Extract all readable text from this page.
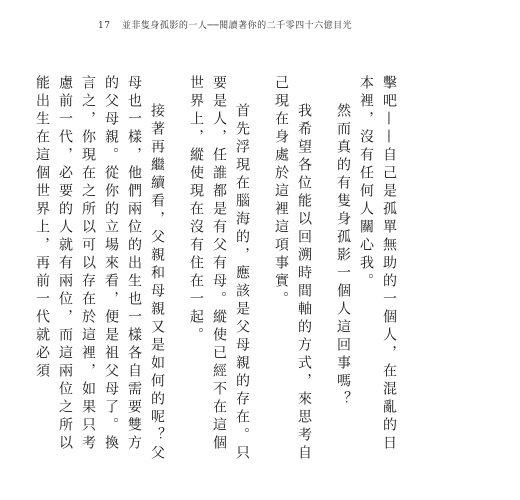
17 並非隻身孤影的一人──閱讀著你的二千零四十六億目光

擊吧——自己是孤單無助的一個人，在混亂的日本裡，沒有任何人關心我。

然而真的有隻身孤影一個人這回事嗎？

我希望各位能以回溯時間軸的方式，來思考自己現在身處於這裡這項事實。

首先浮現在腦海的，應該是父母親的存在。只要是人，任誰都是有父有母。縱使已經不在這個世界上，縱使現在沒有住在一起。

接著再繼續看，父親和母親又是如何的呢？父母也一樣，他們兩位的出生也一樣各自需要雙方的父母親。從你的立場來看，便是祖父母了。換言之，你現在之所以可以存在於這裡，如果只考慮前一代，必要的人就有兩位，而這兩位之所以能出生在這個世界上，再前一代就必須
